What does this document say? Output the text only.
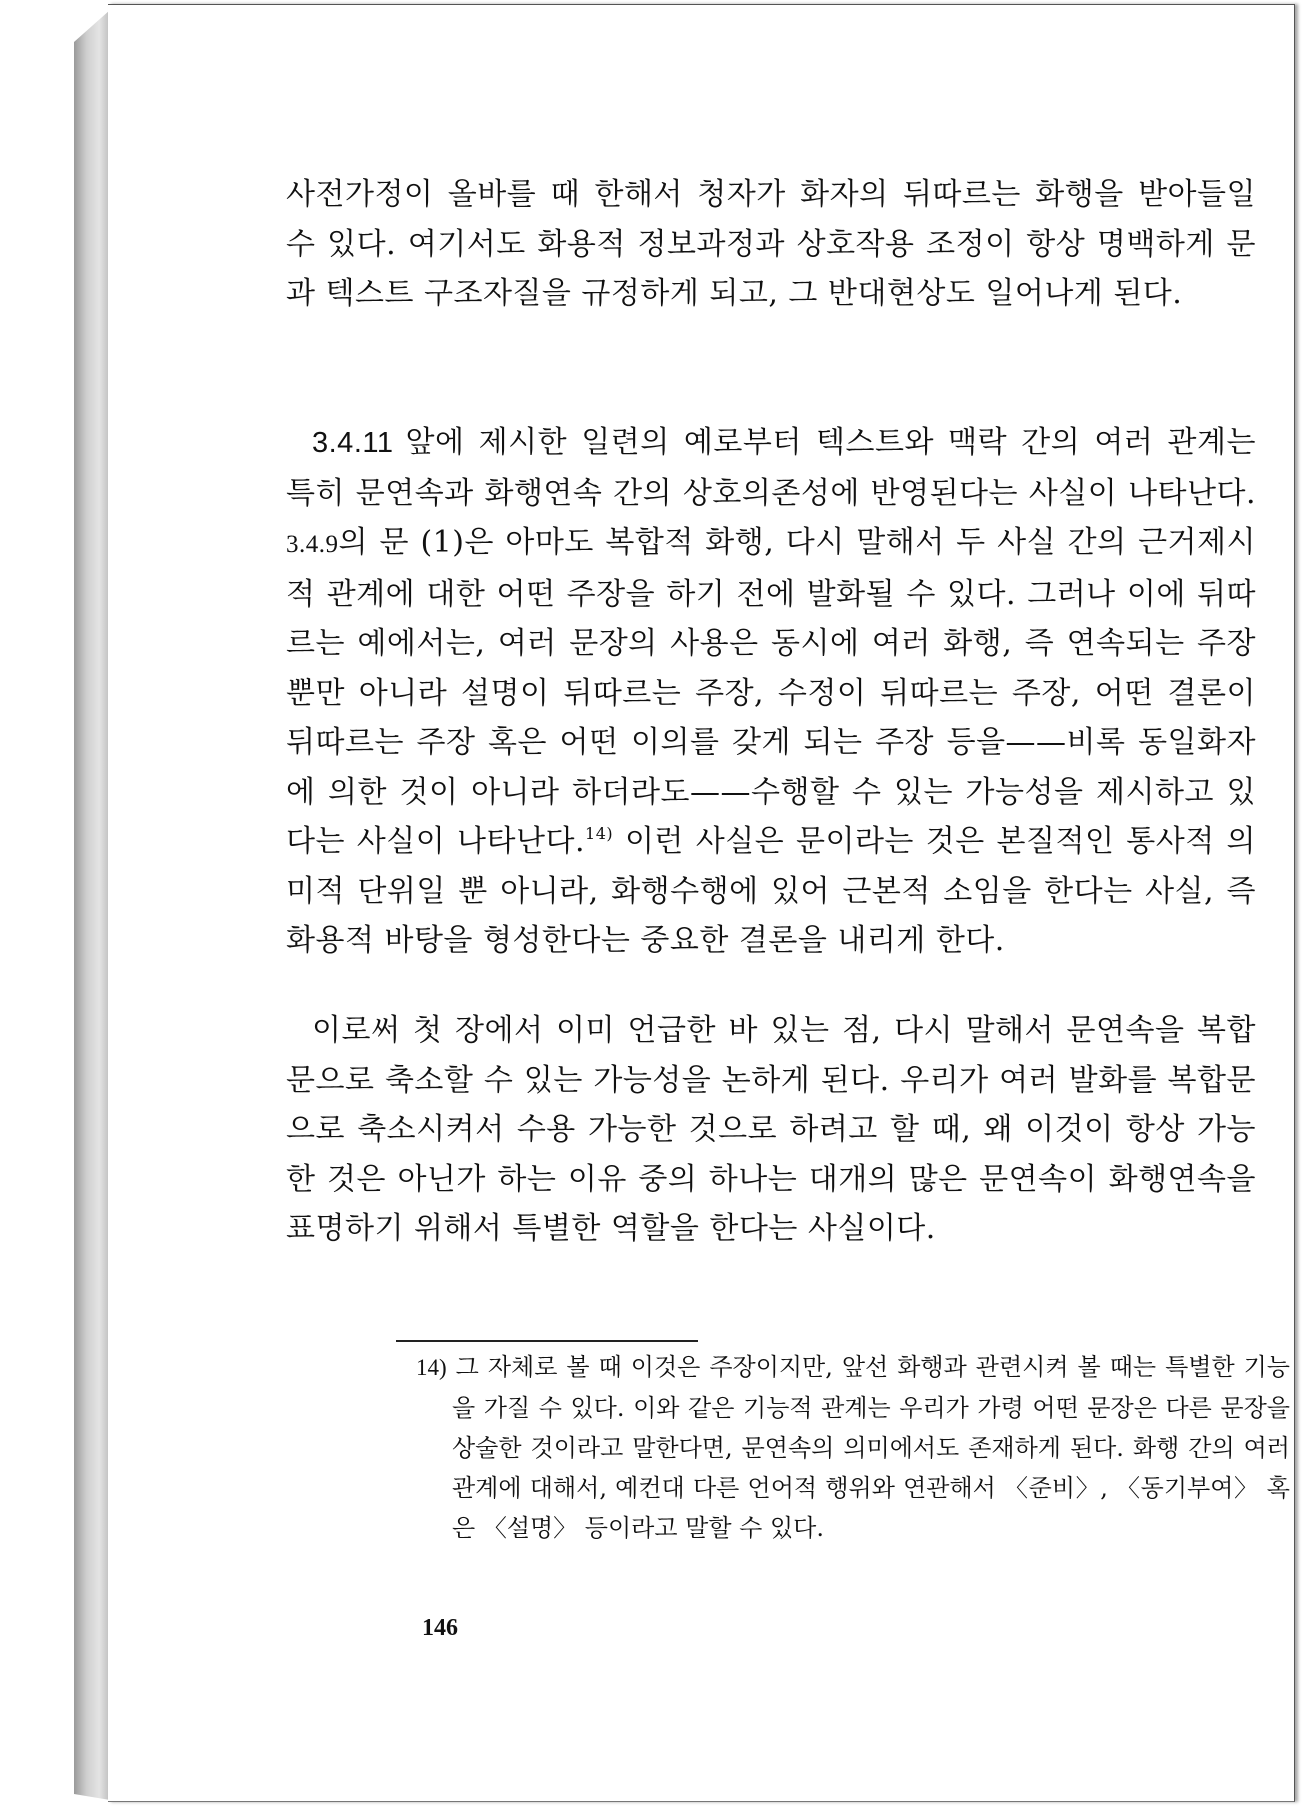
사전가정이 올바를 때 한해서 청자가 화자의 뒤따르는 화행을 받아들일 수 있다. 여기서도 화용적 정보과정과 상호작용 조정이 항상 명백하게 문과 텍스트 구조자질을 규정하게 되고, 그 반대현상도 일어나게 된다.
3.4.11 앞에 제시한 일련의 예로부터 텍스트와 맥락 간의 여러 관계는 특히 문연속과 화행연속 간의 상호의존성에 반영된다는 사실이 나타난다. 3.4.9의 문 (1)은 아마도 복합적 화행, 다시 말해서 두 사실 간의 근거제시적 관계에 대한 어떤 주장을 하기 전에 발화될 수 있다. 그러나 이에 뒤따르는 예에서는, 여러 문장의 사용은 동시에 여러 화행, 즉 연속되는 주장뿐만 아니라 설명이 뒤따르는 주장, 수정이 뒤따르는 주장, 어떤 결론이 뒤따르는 주장 혹은 어떤 이의를 갖게 되는 주장 등을——비록 동일화자에 의한 것이 아니라 하더라도——수행할 수 있는 가능성을 제시하고 있다는 사실이 나타난다.$^{14)}$ 이런 사실은 문이라는 것은 본질적인 통사적 의미적 단위일 뿐 아니라, 화행수행에 있어 근본적 소임을 한다는 사실, 즉 화용적 바탕을 형성한다는 중요한 결론을 내리게 한다.
이로써 첫 장에서 이미 언급한 바 있는 점, 다시 말해서 문연속을 복합문으로 축소할 수 있는 가능성을 논하게 된다. 우리가 여러 발화를 복합문으로 축소시켜서 수용 가능한 것으로 하려고 할 때, 왜 이것이 항상 가능한 것은 아닌가 하는 이유 중의 하나는 대개의 많은 문연속이 화행연속을 표명하기 위해서 특별한 역할을 한다는 사실이다.
14) 그 자체로 볼 때 이것은 주장이지만, 앞선 화행과 관련시켜 볼 때는 특별한 기능을 가질 수 있다. 이와 같은 기능적 관계는 우리가 가령 어떤 문장은 다른 문장을 상술한 것이라고 말한다면, 문연속의 의미에서도 존재하게 된다. 화행 간의 여러 관계에 대해서, 예컨대 다른 언어적 행위와 연관해서 〈준비〉, 〈동기부여〉 혹은 〈설명〉 등이라고 말할 수 있다.
146
